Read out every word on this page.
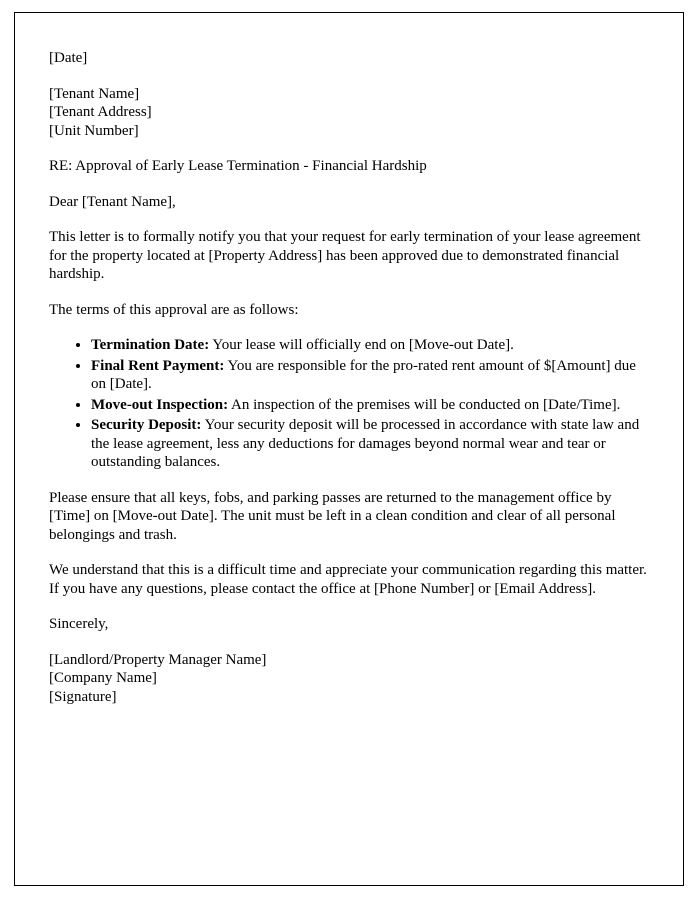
[Date]

[Tenant Name]

[Tenant Address]

[Unit Number]

RE: Approval of Early Lease Termination - Financial Hardship

Dear [Tenant Name],

This letter is to formally notify you that your request for early termination of your lease agreement for the property located at [Property Address] has been approved due to demonstrated financial hardship.

The terms of this approval are as follows:

• Termination Date: Your lease will officially end on [Move-out Date].
• Final Rent Payment: You are responsible for the pro-rated rent amount of $[Amount] due on [Date].
• Move-out Inspection: An inspection of the premises will be conducted on [Date/Time].
• Security Deposit: Your security deposit will be processed in accordance with state law and the lease agreement, less any deductions for damages beyond normal wear and tear or outstanding balances.

Please ensure that all keys, fobs, and parking passes are returned to the management office by [Time] on [Move-out Date]. The unit must be left in a clean condition and clear of all personal belongings and trash.

We understand that this is a difficult time and appreciate your communication regarding this matter. If you have any questions, please contact the office at [Phone Number] or [Email Address].

Sincerely,

[Landlord/Property Manager Name]

[Company Name]

[Signature]
